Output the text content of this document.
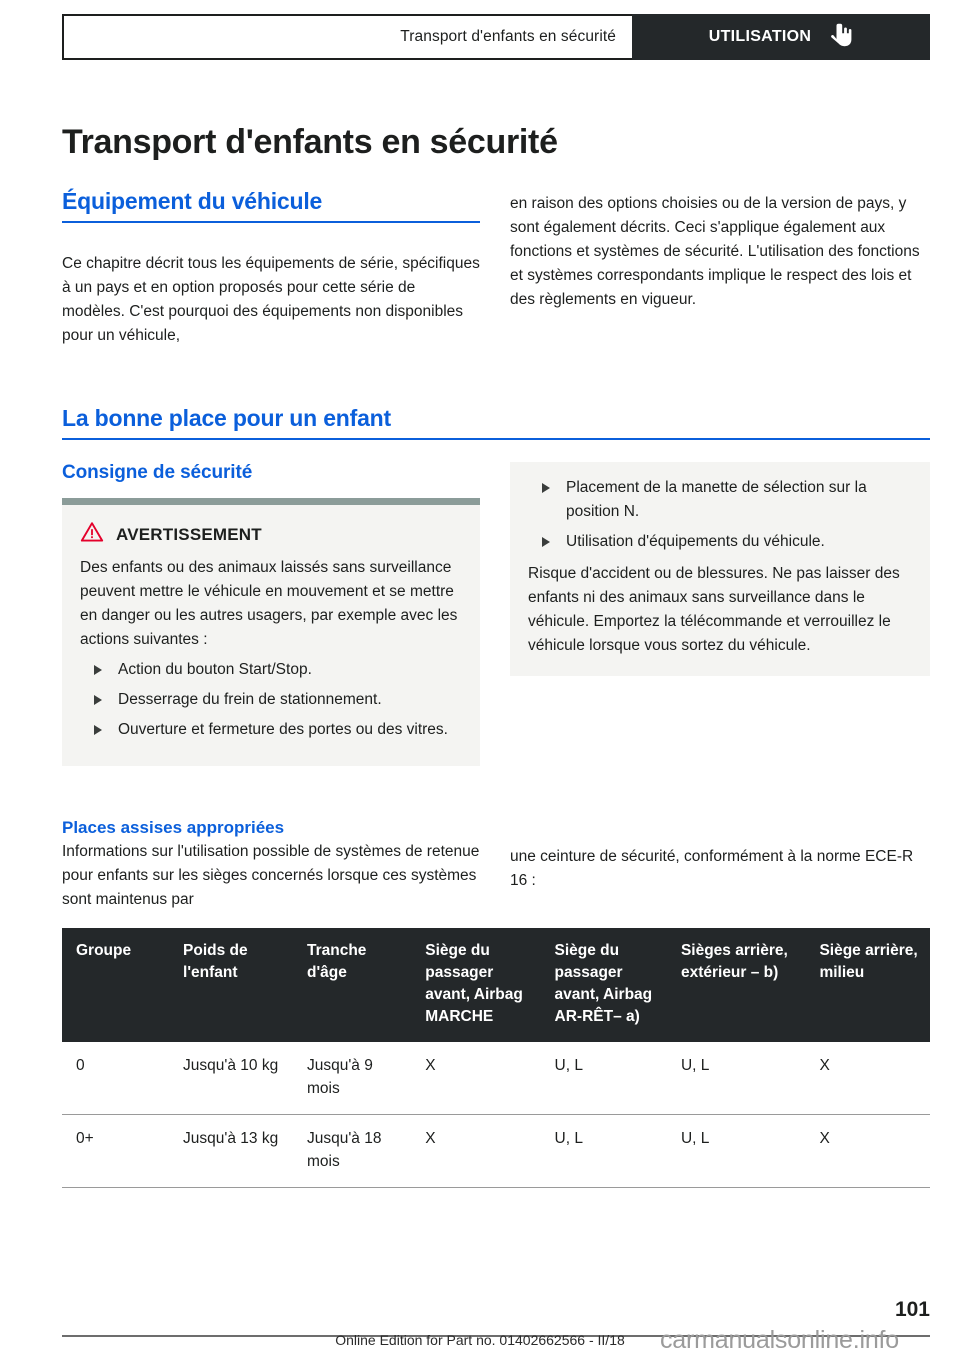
Transport d'enfants en sécurité	UTILISATION
Transport d'enfants en sécurité
Équipement du véhicule

Ce chapitre décrit tous les équipements de série, spécifiques à un pays et en option proposés pour cette série de modèles. C'est pourquoi des équipements non disponibles pour un véhicule,

en raison des options choisies ou de la version de pays, y sont également décrits. Ceci s'applique également aux fonctions et systèmes de sécurité. L'utilisation des fonctions et systèmes correspondants implique le respect des lois et des règlements en vigueur.

La bonne place pour un enfant
Consigne de sécurité
AVERTISSEMENT

Des enfants ou des animaux laissés sans surveillance peuvent mettre le véhicule en mouvement et se mettre en danger ou les autres usagers, par exemple avec les actions suivantes :

Action du bouton Start/Stop.
Desserrage du frein de stationnement.
Ouverture et fermeture des portes ou des vitres.
Placement de la manette de sélection sur la position N.
Utilisation d'équipements du véhicule.

Risque d'accident ou de blessures. Ne pas laisser des enfants ni des animaux sans surveillance dans le véhicule. Emportez la télécommande et verrouillez le véhicule lorsque vous sortez du véhicule.

Places assises appropriées

Informations sur l'utilisation possible de systèmes de retenue pour enfants sur les sièges concernés lorsque ces systèmes sont maintenus par

une ceinture de sécurité, conformément à la norme ECE-R 16 :

Groupe	Poids de l'enfant	Tranche d'âge	Siège du passager avant, Airbag MARCHE	Siège du passager avant, Airbag AR-RÊT– a)	Sièges arrière, extérieur – b)	Siège arrière, milieu
0	Jusqu'à 10 kg	Jusqu'à 9 mois	X	U, L	U, L	X
0+	Jusqu'à 13 kg	Jusqu'à 18 mois	X	U, L	U, L	X
101
Online Edition for Part no. 01402662566 - II/18	carmanualsonline.info
